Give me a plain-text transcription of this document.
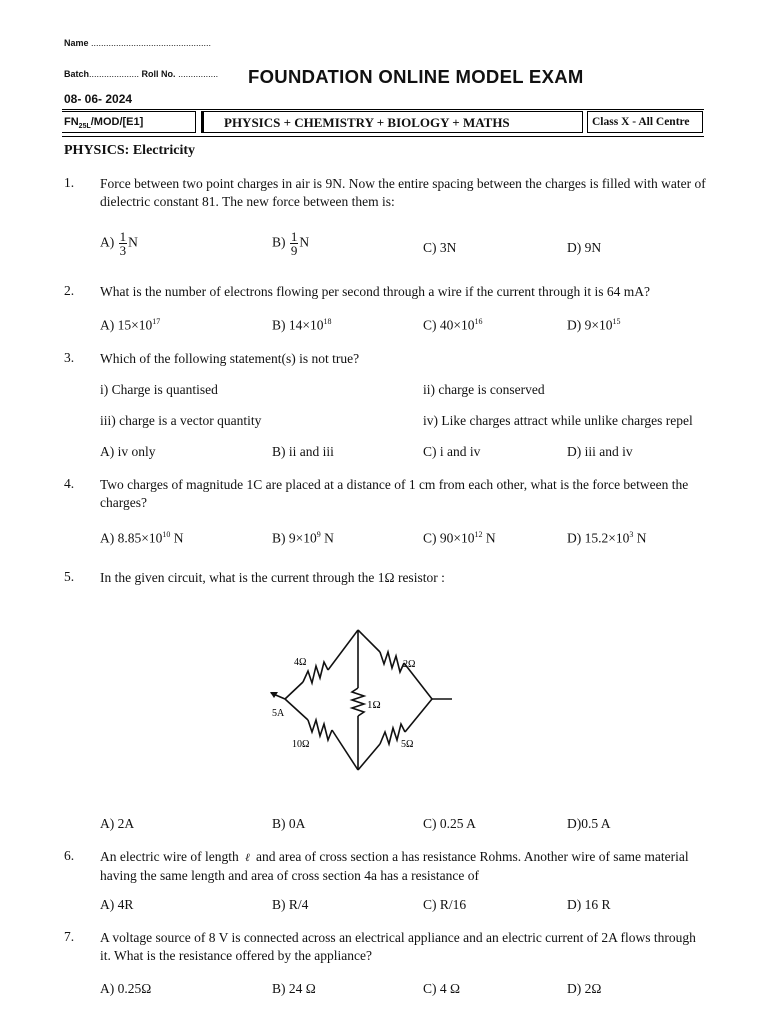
Name ................................................
Batch.................... Roll No. ................ FOUNDATION ONLINE MODEL EXAM
08- 06- 2024
$FN_{25L}/MOD/[E1]$	PHYSICS + CHEMISTRY + BIOLOGY + MATHS	Class X - All Centre
PHYSICS: Electricity
1. Force between two point charges in air is 9N. Now the entire spacing between the charges is filled with water of dielectric constant 81. The new force between them is:
$A) \frac{1}{3}$ N	$B) \frac{1}{9}$ N	C) 3N	D) 9N
2. What is the number of electrons flowing per second through a wire if the current through it is 64 mA?
A) $15\times 10^{17}$	B) $14\times 10^{18}$	C) $40\times 10^{16}$	D) $9\times 10^{15}$
3. Which of the following statement(s) is not true?
i) Charge is quantised	ii) charge is conserved
iii) charge is a vector quantity	iv) Like charges attract while unlike charges repel
A) iv only	B) ii and iii	C) i and iv	D) iii and iv
4. Two charges of magnitude 1C are placed at a distance of 1 cm from each other, what is the force between the charges?
A) $8.85\times 10^{10}$ N	B) $9\times 10^9$ N	C) $90\times 10^{12}$ N	D) $15.2\times 10^3$ N
5. In the given circuit, what is the current through the 1Ω resistor :
4Ω	2Ω
1Ω
10Ω	5Ω
5A
A) 2A	B) 0A	C) 0.25 A	D)0.5 A
6. An electric wire of length ℓ and area of cross section a has resistance Rohms. Another wire of same material having the same length and area of cross section 4a has a resistance of
A) 4R	B) R/4	C) R/16	D) 16 R
7. A voltage source of 8 V is connected across an electrical appliance and an electric current of 2A flows through it. What is the resistance offered by the appliance?
A) 0.25Ω	B) 24 Ω	C) 4 Ω	D) 2Ω
